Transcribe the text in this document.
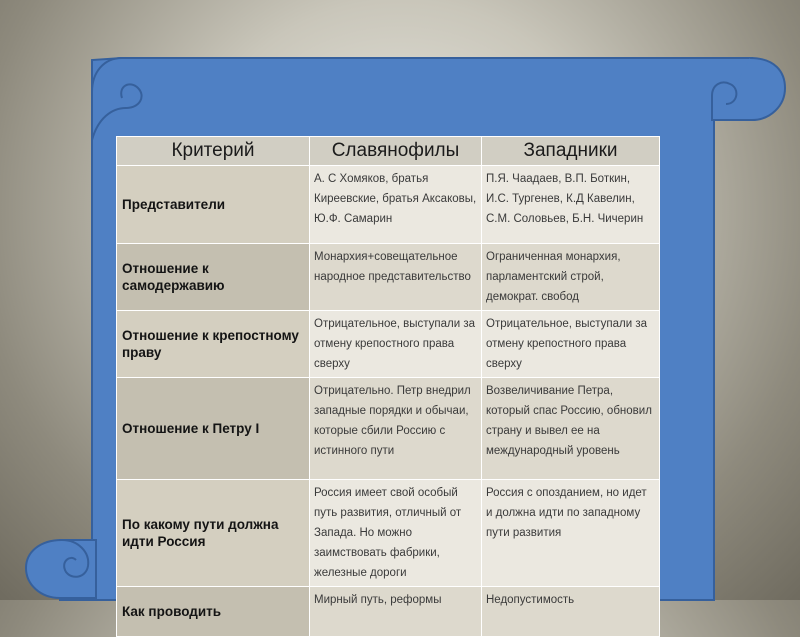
Критерий	Славянофилы	Западники
Представители	А. С Хомяков, братья Киреевские, братья Аксаковы, Ю.Ф. Самарин	П.Я. Чаадаев, В.П. Боткин, И.С. Тургенев, К.Д Кавелин, С.М. Соловьев, Б.Н. Чичерин
Отношение к самодержавию	Монархия+совещательное народное представительство	Ограниченная монархия, парламентский строй, демократ. свобод
Отношение к крепостному праву	Отрицательное, выступали за отмену крепостного права сверху	Отрицательное, выступали за отмену крепостного права сверху
Отношение к Петру I	Отрицательно. Петр внедрил западные порядки и обычаи, которые сбили Россию с истинного пути	Возвеличивание Петра, который спас Россию, обновил страну и вывел ее на международный уровень
По какому пути должна идти Россия	Россия имеет свой особый путь развития, отличный от Запада. Но можно заимствовать фабрики, железные дороги	Россия с опозданием, но идет и должна идти по западному пути развития
Как проводить	Мирный путь, реформы	Недопустимость
